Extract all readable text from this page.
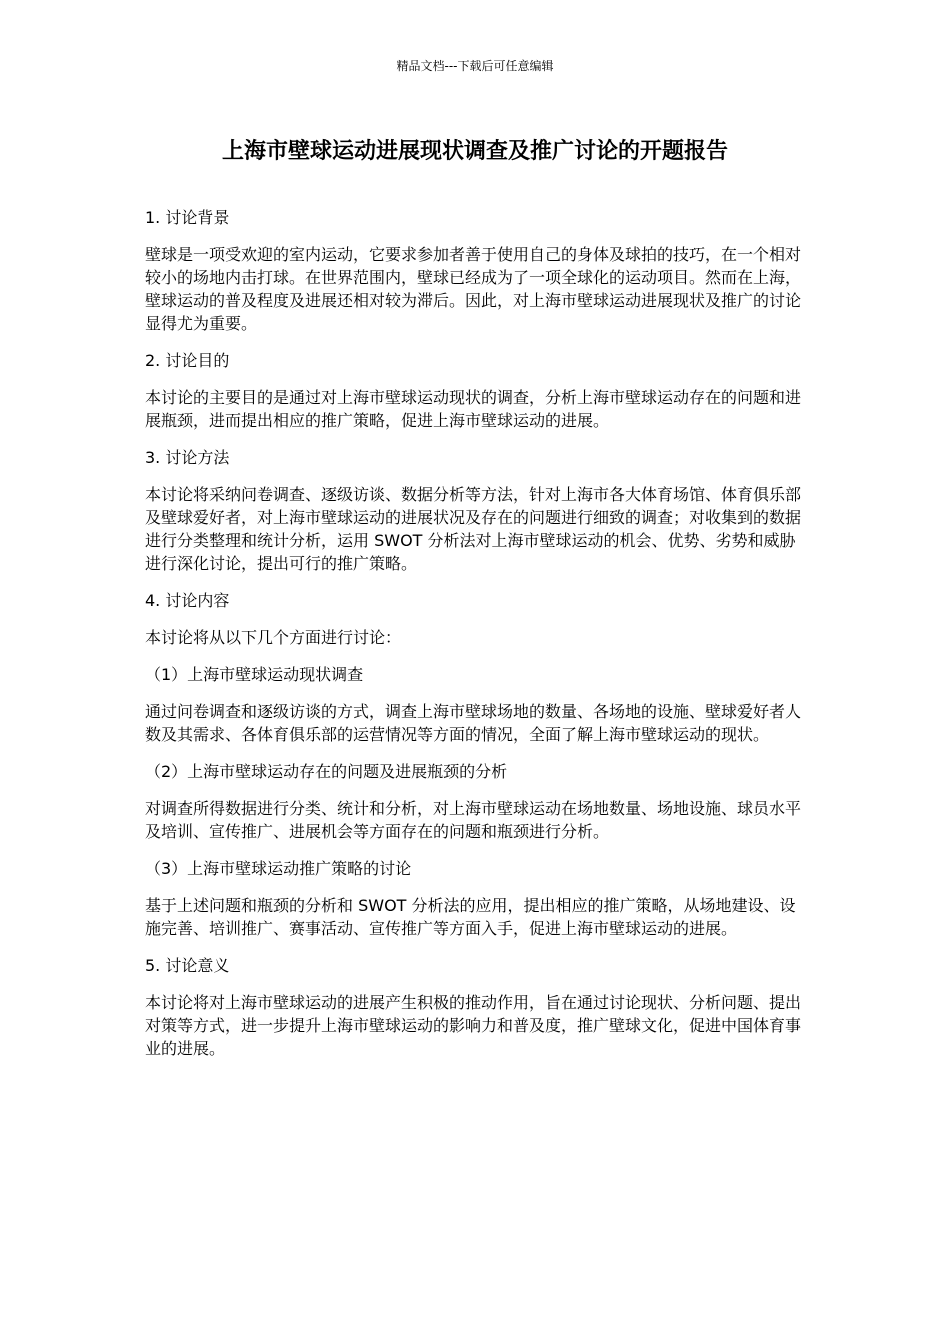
精品文档---下载后可任意编辑
上海市壁球运动进展现状调查及推广讨论的开题报告

1. 讨论背景

壁球是一项受欢迎的室内运动，它要求参加者善于使用自己的身体及球拍的技巧，在一个相对较小的场地内击打球。在世界范围内，壁球已经成为了一项全球化的运动项目。然而在上海，壁球运动的普及程度及进展还相对较为滞后。因此，对上海市壁球运动进展现状及推广的讨论显得尤为重要。

2. 讨论目的

本讨论的主要目的是通过对上海市壁球运动现状的调查，分析上海市壁球运动存在的问题和进展瓶颈，进而提出相应的推广策略，促进上海市壁球运动的进展。

3. 讨论方法

本讨论将采纳问卷调查、逐级访谈、数据分析等方法，针对上海市各大体育场馆、体育俱乐部及壁球爱好者，对上海市壁球运动的进展状况及存在的问题进行细致的调查；对收集到的数据进行分类整理和统计分析，运用 SWOT 分析法对上海市壁球运动的机会、优势、劣势和威胁进行深化讨论，提出可行的推广策略。

4. 讨论内容

本讨论将从以下几个方面进行讨论：

（1）上海市壁球运动现状调查

通过问卷调查和逐级访谈的方式，调查上海市壁球场地的数量、各场地的设施、壁球爱好者人数及其需求、各体育俱乐部的运营情况等方面的情况，全面了解上海市壁球运动的现状。

（2）上海市壁球运动存在的问题及进展瓶颈的分析

对调查所得数据进行分类、统计和分析，对上海市壁球运动在场地数量、场地设施、球员水平及培训、宣传推广、进展机会等方面存在的问题和瓶颈进行分析。

（3）上海市壁球运动推广策略的讨论

基于上述问题和瓶颈的分析和 SWOT 分析法的应用，提出相应的推广策略，从场地建设、设施完善、培训推广、赛事活动、宣传推广等方面入手，促进上海市壁球运动的进展。

5. 讨论意义

本讨论将对上海市壁球运动的进展产生积极的推动作用，旨在通过讨论现状、分析问题、提出对策等方式，进一步提升上海市壁球运动的影响力和普及度，推广壁球文化，促进中国体育事业的进展。
